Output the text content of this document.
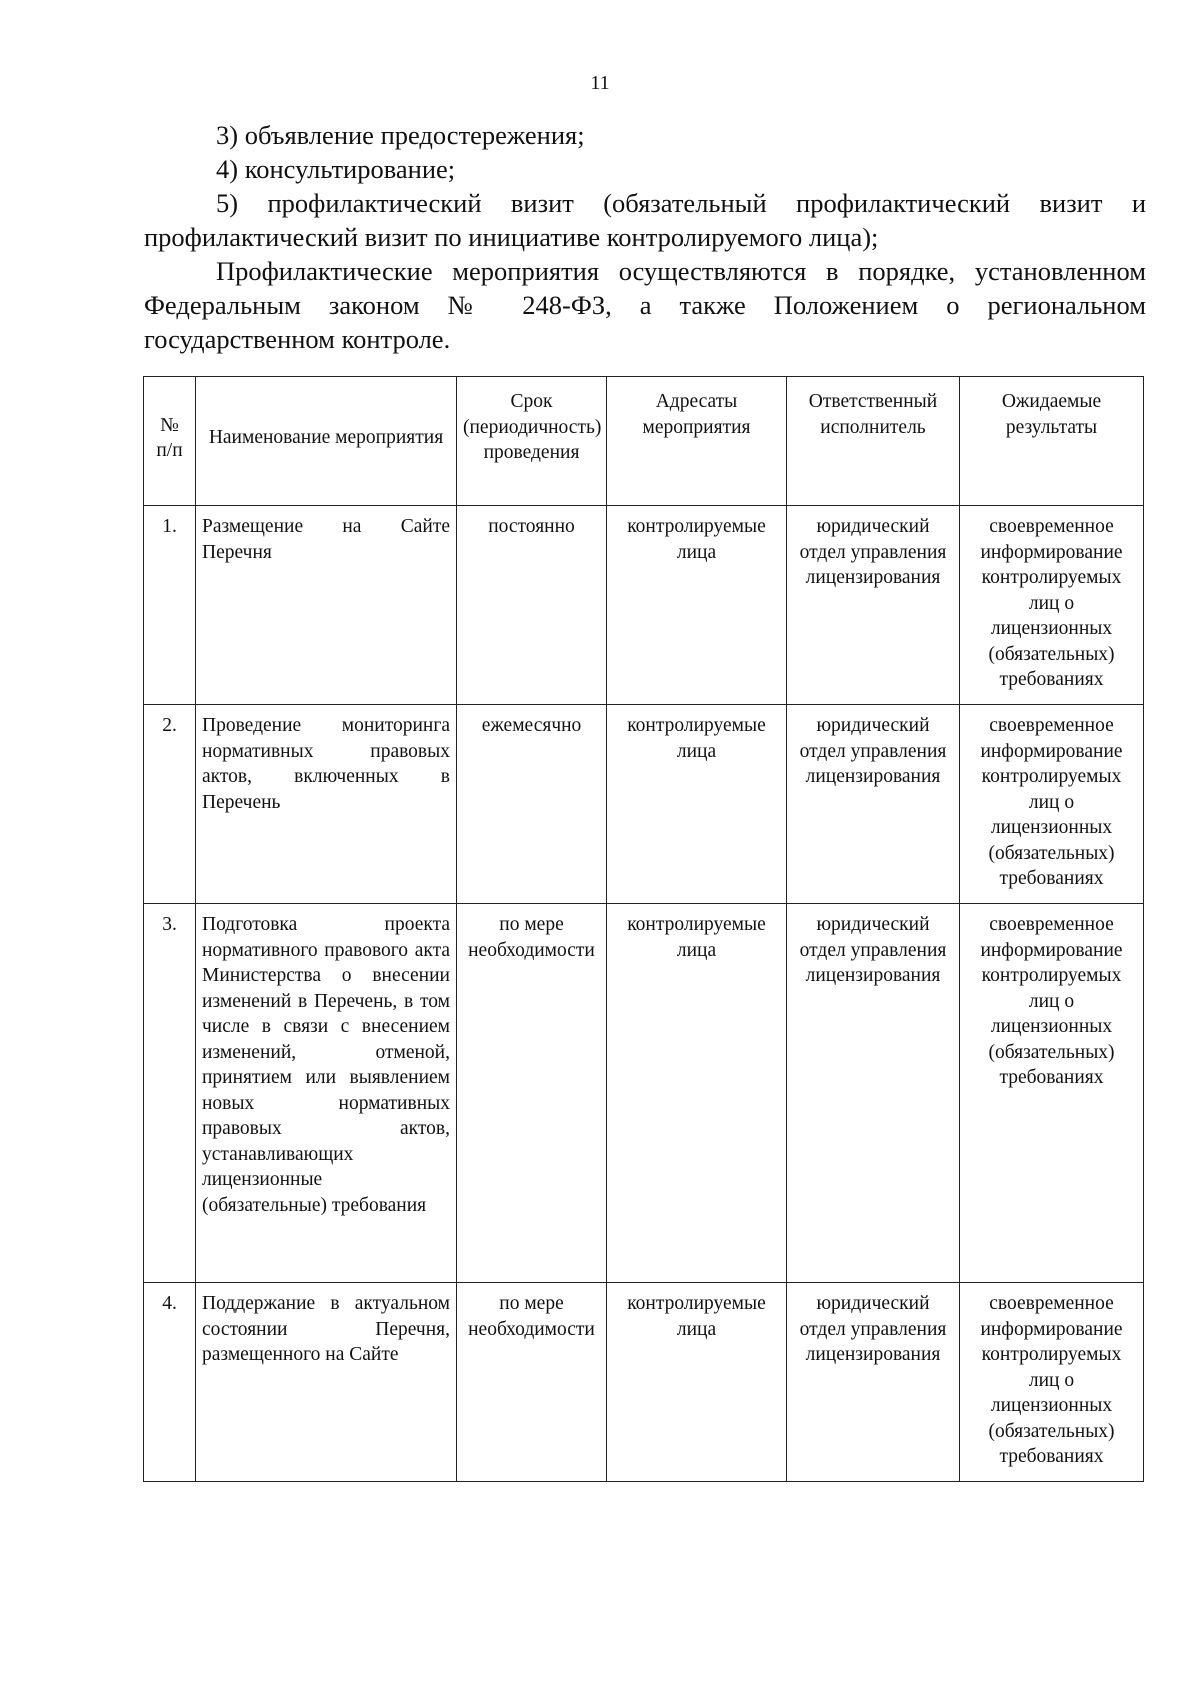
11

3) объявление предостережения;

4) консультирование;

5) профилактический визит (обязательный профилактический визит и профилактический визит по инициативе контролируемого лица);

Профилактические мероприятия осуществляются в порядке, установленном Федеральным законом № 248-ФЗ, а также Положением о региональном государственном контроле.

№ п/п	Наименование мероприятия	Срок (периодичность) проведения	Адресаты мероприятия	Ответственный исполнитель	Ожидаемые результаты
1.	Размещение на Сайте Перечня	постоянно	контролируемые лица	юридический отдел управления лицензирования	своевременное информирование контролируемых лиц о лицензионных (обязательных) требованиях
2.	Проведение мониторинга нормативных правовых актов, включенных в Перечень	ежемесячно	контролируемые лица	юридический отдел управления лицензирования	своевременное информирование контролируемых лиц о лицензионных (обязательных) требованиях
3.	Подготовка проекта нормативного правового акта Министерства о внесении изменений в Перечень, в том числе в связи с внесением изменений, отменой, принятием или выявлением новых нормативных правовых актов, устанавливающих лицензионные (обязательные) требования	по мере необходимости	контролируемые лица	юридический отдел управления лицензирования	своевременное информирование контролируемых лиц о лицензионных (обязательных) требованиях
4.	Поддержание в актуальном состоянии Перечня, размещенного на Сайте	по мере необходимости	контролируемые лица	юридический отдел управления лицензирования	своевременное информирование контролируемых лиц о лицензионных (обязательных) требованиях
